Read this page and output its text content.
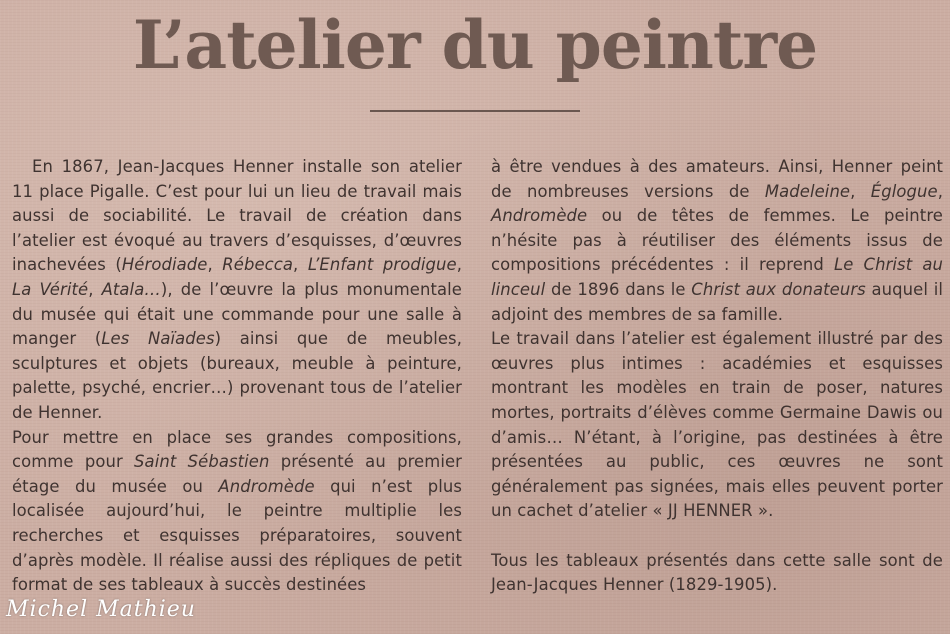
L’atelier du peintre

En 1867, Jean-Jacques Henner installe son atelier 11 place Pigalle. C’est pour lui un lieu de travail mais aussi de sociabilité. Le travail de création dans l’atelier est évoqué au travers d’esquisses, d’œuvres inachevées (Hérodiade, Rébecca, L’Enfant prodigue, La Vérité, Atala…), de l’œuvre la plus monumentale du musée qui était une commande pour une salle à manger (Les Naïades) ainsi que de meubles, sculptures et objets (bureaux, meuble à peinture, palette, psyché, encrier…) provenant tous de l’atelier de Henner.

Pour mettre en place ses grandes compositions, comme pour Saint Sébastien présenté au premier étage du musée ou Andromède qui n’est plus localisée aujourd’hui, le peintre multiplie les recherches et esquisses préparatoires, souvent d’après modèle. Il réalise aussi des répliques de petit format de ses tableaux à succès destinées

à être vendues à des amateurs. Ainsi, Henner peint de nombreuses versions de Madeleine, Églogue, Andromède ou de têtes de femmes. Le peintre n’hésite pas à réutiliser des éléments issus de compositions précédentes : il reprend Le Christ au linceul de 1896 dans le Christ aux donateurs auquel il adjoint des membres de sa famille.

Le travail dans l’atelier est également illustré par des œuvres plus intimes : académies et esquisses montrant les modèles en train de poser, natures mortes, portraits d’élèves comme Germaine Dawis ou d’amis… N’étant, à l’origine, pas destinées à être présentées au public, ces œuvres ne sont généralement pas signées, mais elles peuvent porter un cachet d’atelier « JJ HENNER ».

Tous les tableaux présentés dans cette salle sont de Jean-Jacques Henner (1829-1905).

Michel Mathieu
